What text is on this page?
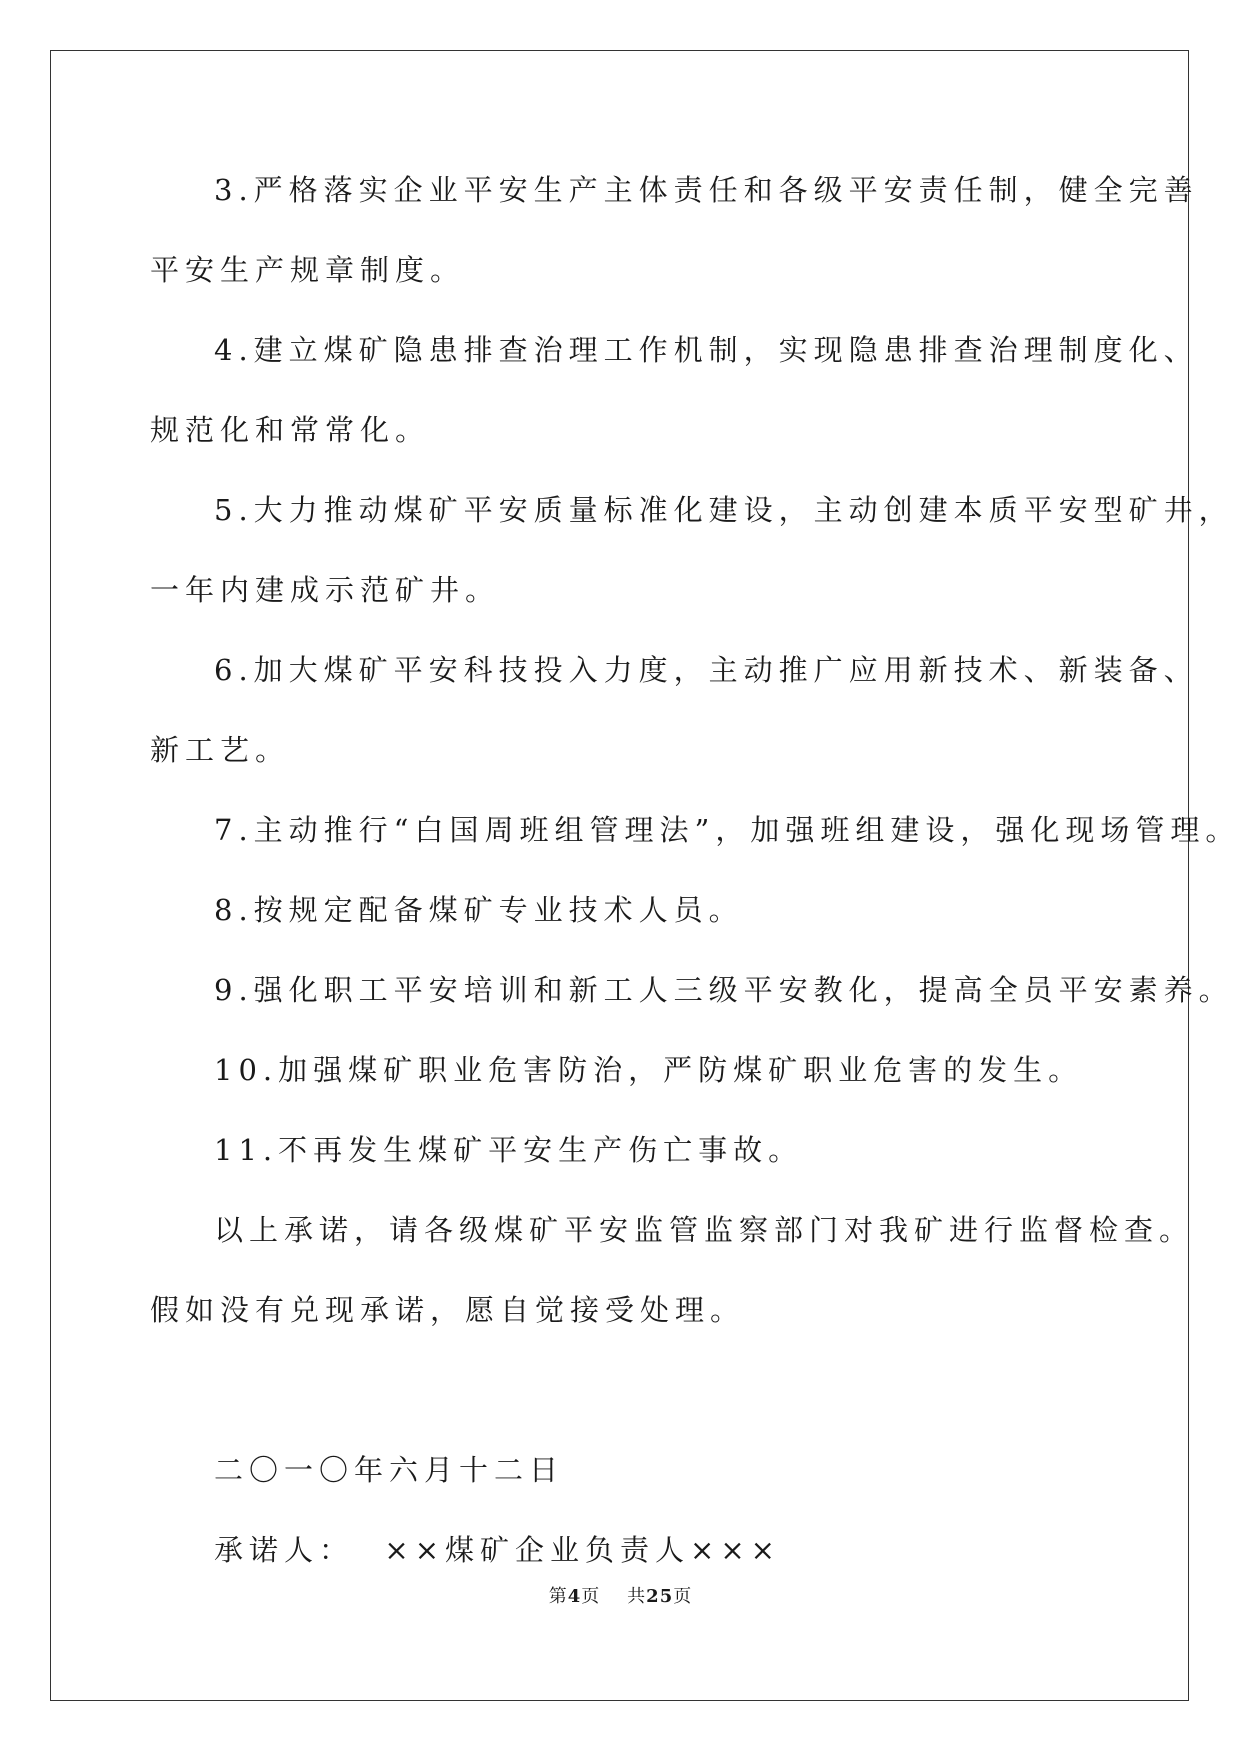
3.严格落实企业平安生产主体责任和各级平安责任制，健全完善
平安生产规章制度。
4.建立煤矿隐患排查治理工作机制，实现隐患排查治理制度化、
规范化和常常化。
5.大力推动煤矿平安质量标准化建设，主动创建本质平安型矿井，
一年内建成示范矿井。
6.加大煤矿平安科技投入力度，主动推广应用新技术、新装备、
新工艺。
7.主动推行“白国周班组管理法”，加强班组建设，强化现场管理。
8.按规定配备煤矿专业技术人员。
9.强化职工平安培训和新工人三级平安教化，提高全员平安素养。
10.加强煤矿职业危害防治，严防煤矿职业危害的发生。
11.不再发生煤矿平安生产伤亡事故。
以上承诺，请各级煤矿平安监管监察部门对我矿进行监督检查。
假如没有兑现承诺，愿自觉接受处理。

承诺人：  ××煤矿企业负责人×××

二〇一〇年六月十二日
第4页 共25页
